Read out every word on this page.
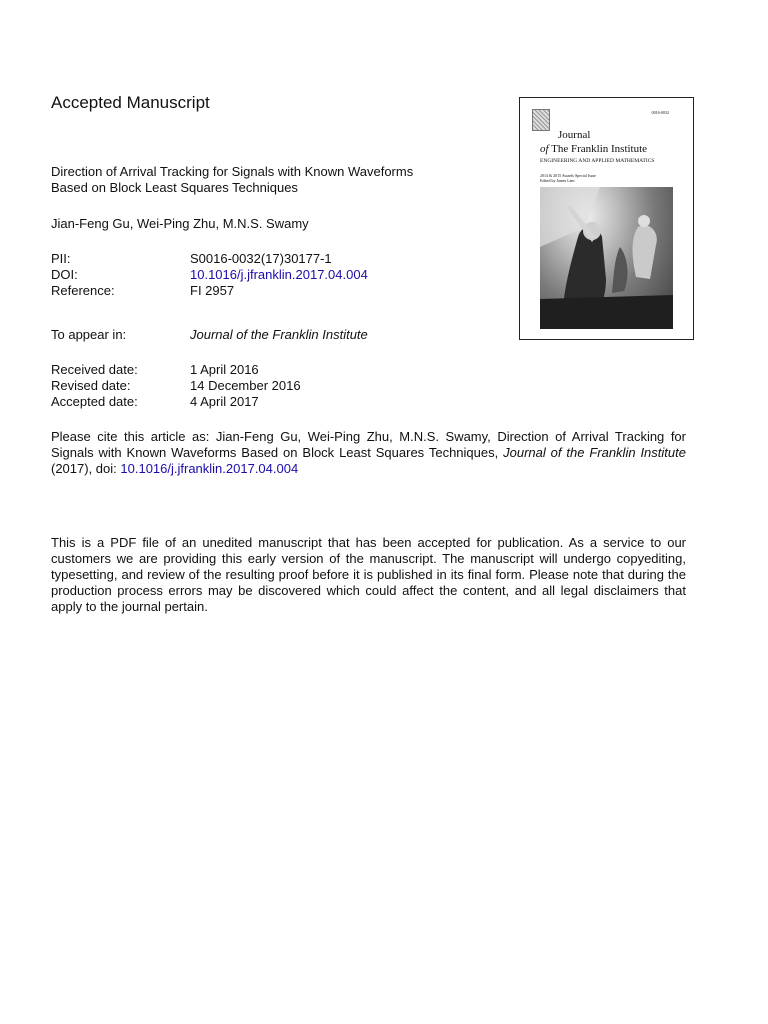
Accepted Manuscript
Direction of Arrival Tracking for Signals with Known Waveforms
Based on Block Least Squares Techniques
Jian-Feng Gu, Wei-Ping Zhu, M.N.S. Swamy
PII:	S0016-0032(17)30177-1
DOI:	10.1016/j.jfranklin.2017.04.004
Reference:	FI 2957
To appear in:	Journal of the Franklin Institute
Received date:	1 April 2016
Revised date:	14 December 2016
Accepted date:	4 April 2017
Please cite this article as: Jian-Feng Gu, Wei-Ping Zhu, M.N.S. Swamy, Direction of Arrival Tracking for Signals with Known Waveforms Based on Block Least Squares Techniques, Journal of the Franklin Institute (2017), doi: 10.1016/j.jfranklin.2017.04.004
This is a PDF file of an unedited manuscript that has been accepted for publication. As a service to our customers we are providing this early version of the manuscript. The manuscript will undergo copyediting, typesetting, and review of the resulting proof before it is published in its final form. Please note that during the production process errors may be discovered which could affect the content, and all legal disclaimers that apply to the journal pertain.
0016-0032
Journal
of The Franklin Institute
ENGINEERING AND APPLIED MATHEMATICS
2014 & 2015 Awards Special Issue
Edited by James Lam
